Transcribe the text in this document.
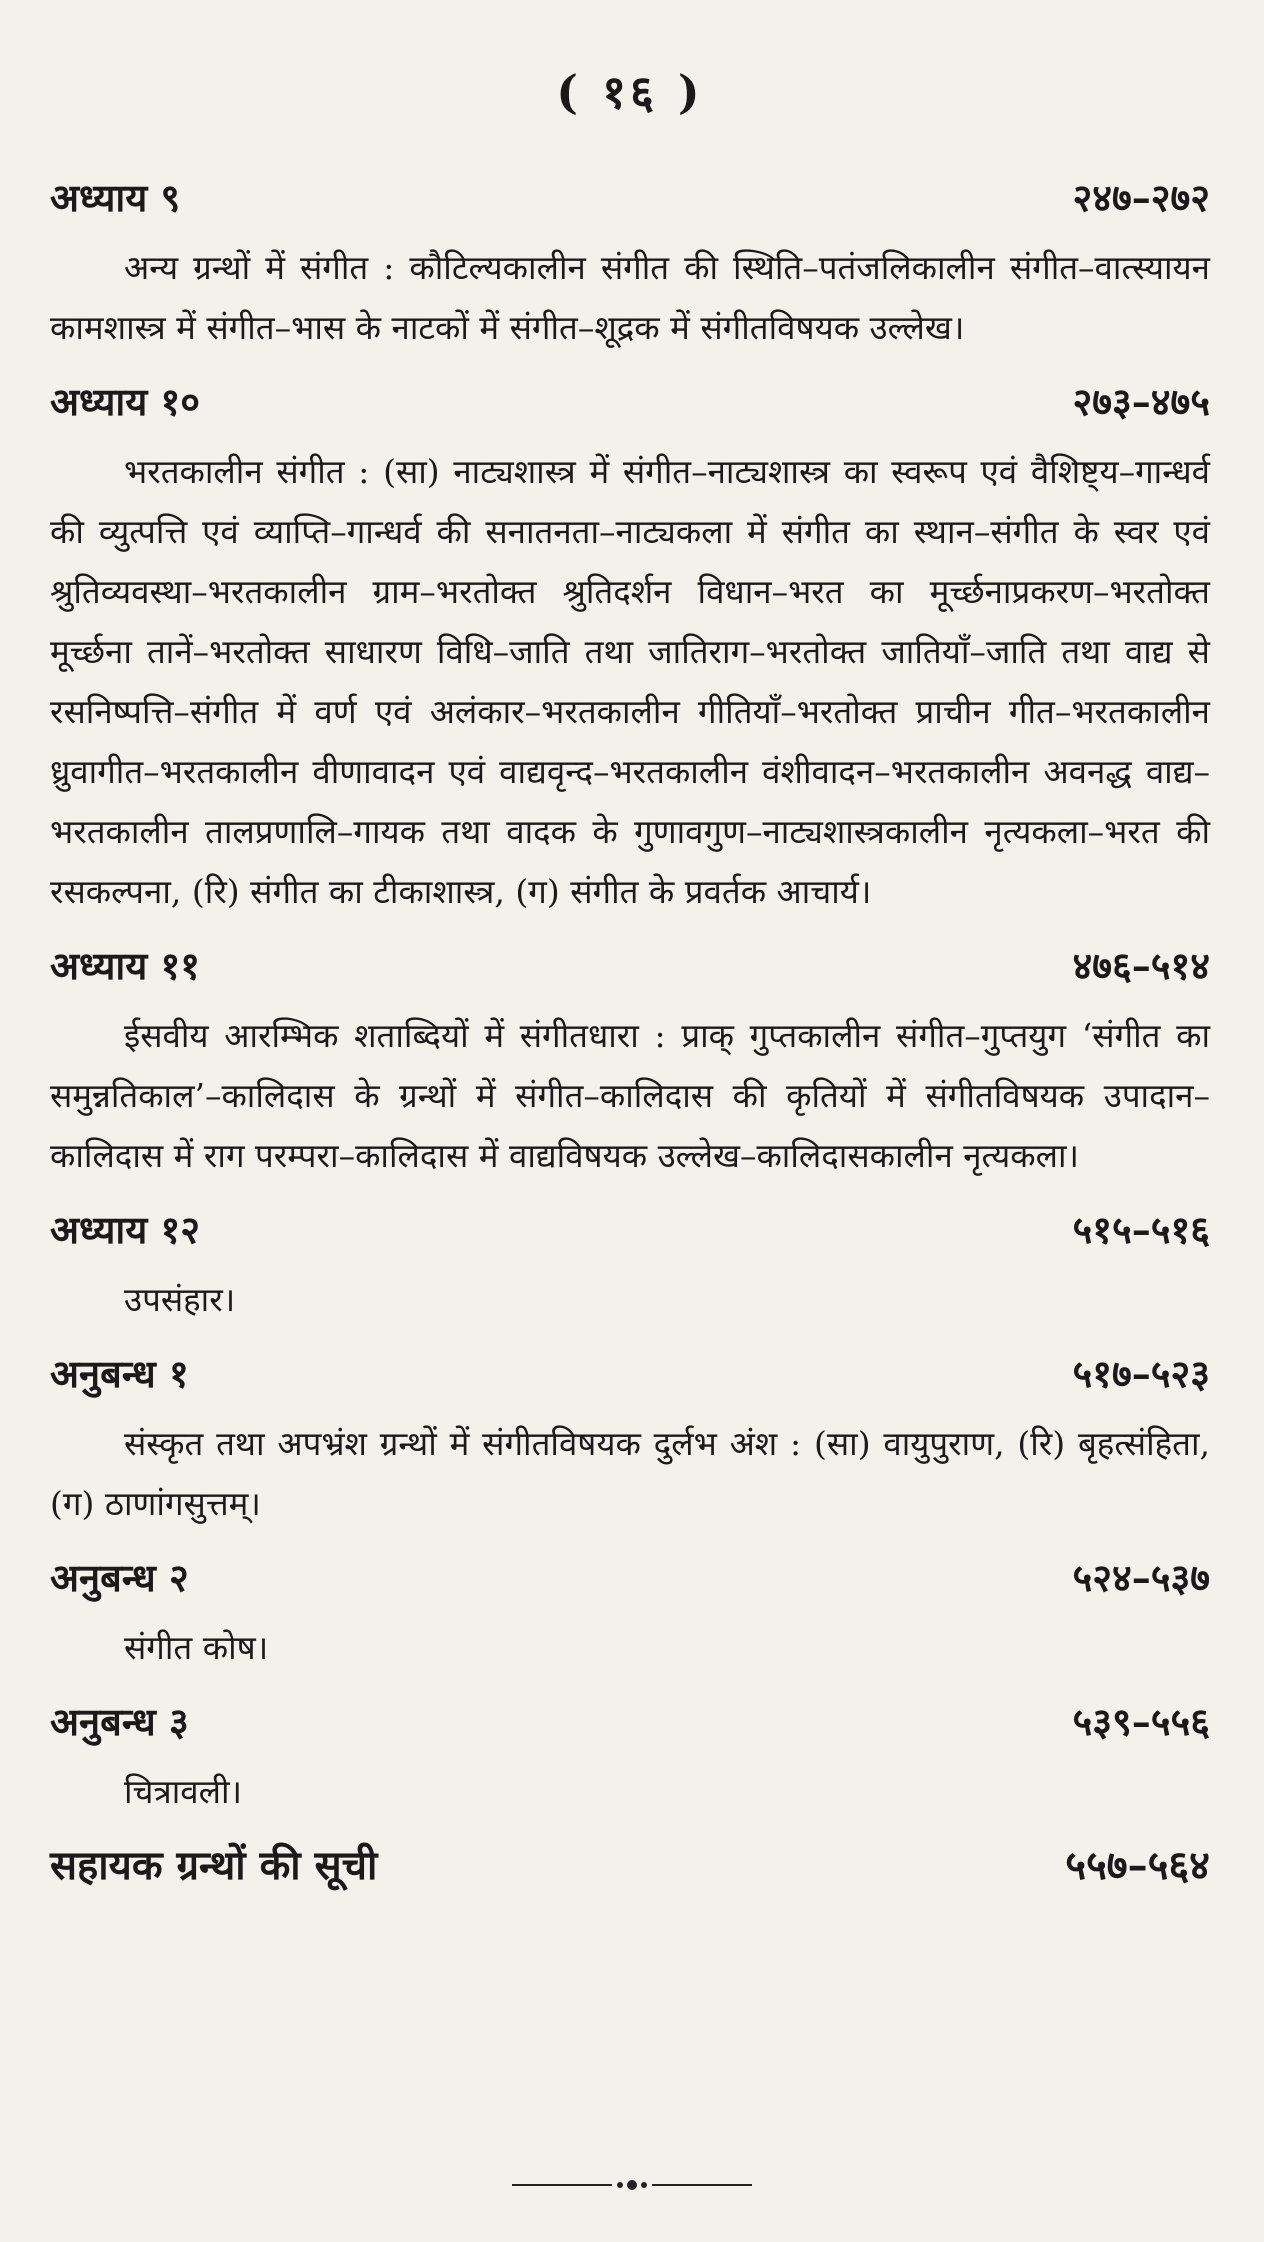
( १६ )
अध्याय ९	२४७–२७२
अन्य ग्रन्थों में संगीत : कौटिल्यकालीन संगीत की स्थिति–पतंजलिकालीन संगीत–वात्स्यायन कामशास्त्र में संगीत–भास के नाटकों में संगीत–शूद्रक में संगीतविषयक उल्लेख।
अध्याय १०	२७३–४७५
भरतकालीन संगीत : (सा) नाट्यशास्त्र में संगीत–नाट्यशास्त्र का स्वरूप एवं वैशिष्ट्य–गान्धर्व की व्युत्पत्ति एवं व्याप्ति–गान्धर्व की सनातनता–नाट्यकला में संगीत का स्थान–संगीत के स्वर एवं श्रुतिव्यवस्था–भरतकालीन ग्राम–भरतोक्त श्रुतिदर्शन विधान–भरत का मूर्च्छनाप्रकरण–भरतोक्त मूर्च्छना तानें–भरतोक्त साधारण विधि–जाति तथा जातिराग–भरतोक्त जातियाँ–जाति तथा वाद्य से रसनिष्पत्ति–संगीत में वर्ण एवं अलंकार–भरतकालीन गीतियाँ–भरतोक्त प्राचीन गीत–भरतकालीन ध्रुवागीत–भरतकालीन वीणावादन एवं वाद्यवृन्द–भरतकालीन वंशीवादन–भरतकालीन अवनद्ध वाद्य–भरतकालीन तालप्रणालि–गायक तथा वादक के गुणावगुण–नाट्यशास्त्रकालीन नृत्यकला–भरत की रसकल्पना, (रि) संगीत का टीकाशास्त्र, (ग) संगीत के प्रवर्तक आचार्य।
अध्याय ११	४७६–५१४
ईसवीय आरम्भिक शताब्दियों में संगीतधारा : प्राक् गुप्तकालीन संगीत–गुप्तयुग ‘संगीत का समुन्नतिकाल’–कालिदास के ग्रन्थों में संगीत–कालिदास की कृतियों में संगीतविषयक उपादान–कालिदास में राग परम्परा–कालिदास में वाद्यविषयक उल्लेख–कालिदासकालीन नृत्यकला।
अध्याय १२	५१५–५१६
उपसंहार।
अनुबन्ध १	५१७–५२३
संस्कृत तथा अपभ्रंश ग्रन्थों में संगीतविषयक दुर्लभ अंश : (सा) वायुपुराण, (रि) बृहत्संहिता, (ग) ठाणांगसुत्तम्।
अनुबन्ध २	५२४–५३७
संगीत कोष।
अनुबन्ध ३	५३९–५५६
चित्रावली।
सहायक ग्रन्थों की सूची	५५७–५६४
